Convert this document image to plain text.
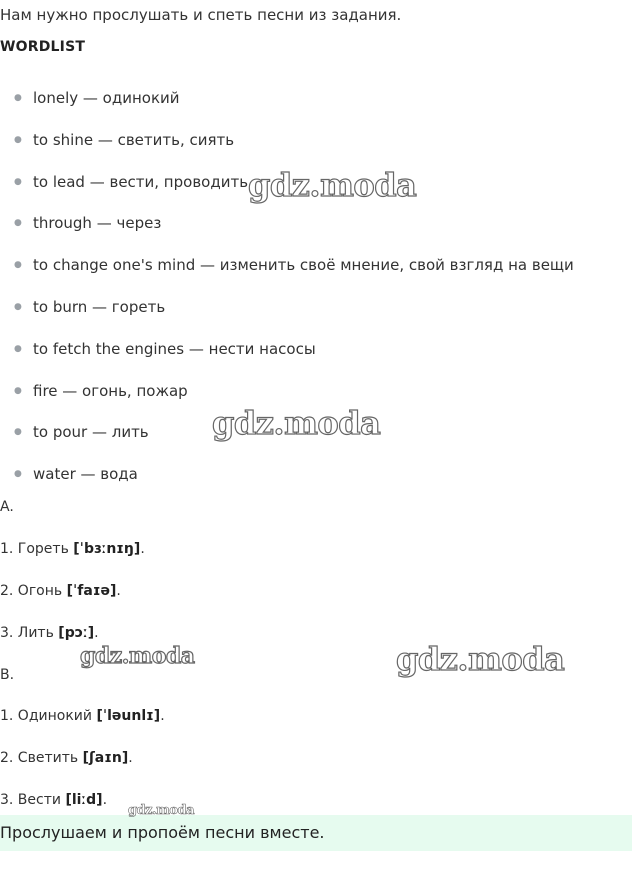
Нам нужно прослушать и спеть песни из задания.
WORDLIST
● lonely — одинокий
● to shine — светить, сиять
● to lead — вести, проводить
● through — через
● to change one's mind — изменить своё мнение, свой взгляд на вещи
● to burn — гореть
● to fetch the engines — нести насосы
● fire — огонь, пожар
● to pour — лить
● water — вода
A.
1. Гореть [ˈbɜːnɪŋ].
2. Огонь [ˈfaɪə].
3. Лить [pɔː].
B.
1. Одинокий [ˈləunlɪ].
2. Светить [ʃaɪn].
3. Вести [liːd].
Прослушаем и пропоём песни вместе.
gdz.moda
gdz.moda
gdz.moda	gdz.moda
gdz.moda
